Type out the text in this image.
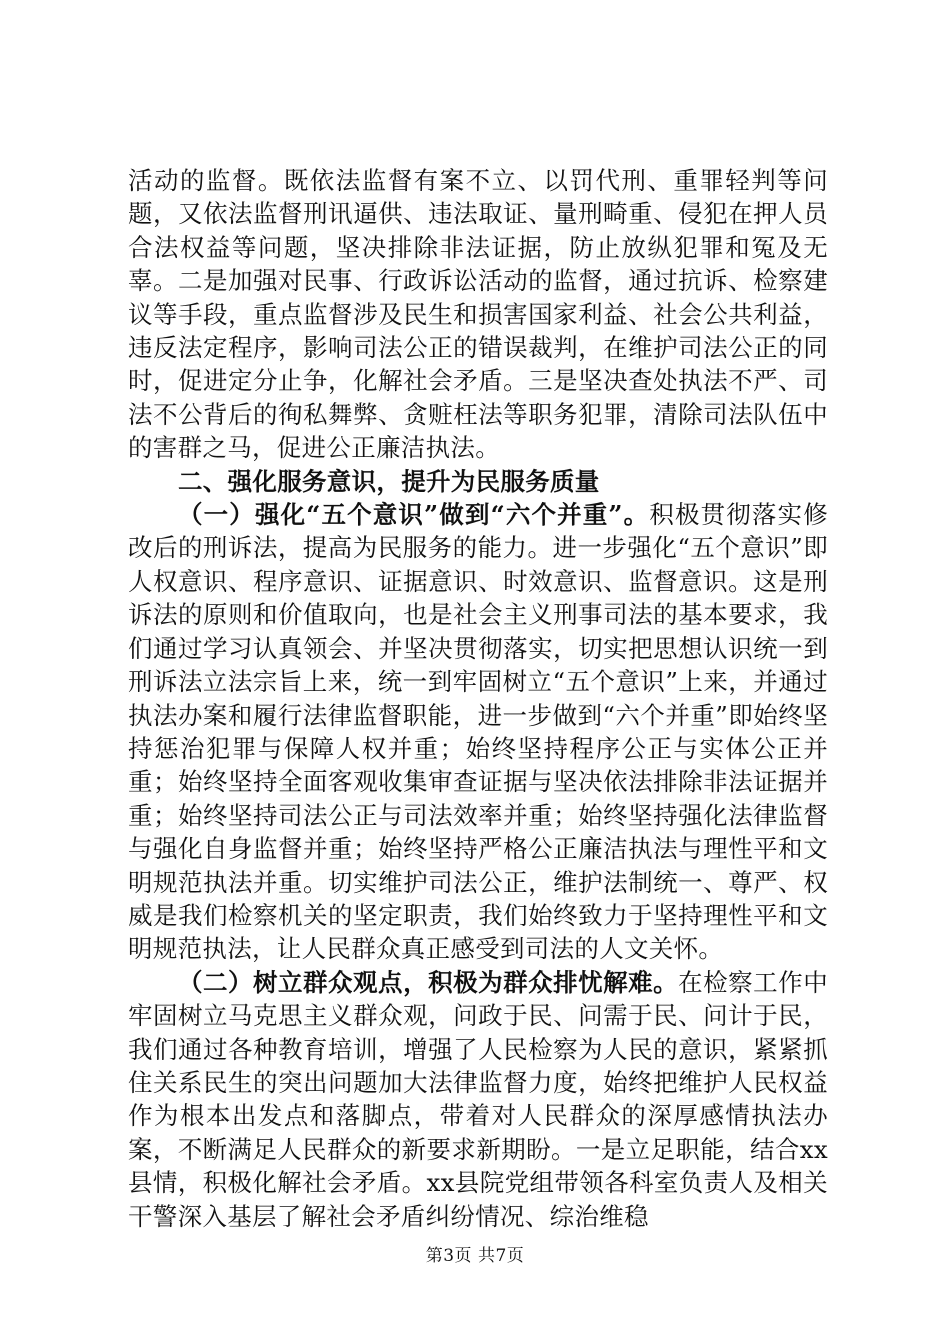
活动的监督。既依法监督有案不立、以罚代刑、重罪轻判等问题，又依法监督刑讯逼供、违法取证、量刑畸重、侵犯在押人员合法权益等问题，坚决排除非法证据，防止放纵犯罪和冤及无辜。二是加强对民事、行政诉讼活动的监督，通过抗诉、检察建议等手段，重点监督涉及民生和损害国家利益、社会公共利益，违反法定程序，影响司法公正的错误裁判，在维护司法公正的同时，促进定分止争，化解社会矛盾。三是坚决查处执法不严、司法不公背后的徇私舞弊、贪赃枉法等职务犯罪，清除司法队伍中的害群之马，促进公正廉洁执法。

二、强化服务意识，提升为民服务质量

（一）强化“五个意识”做到“六个并重”。积极贯彻落实修改后的刑诉法，提高为民服务的能力。进一步强化“五个意识”即人权意识、程序意识、证据意识、时效意识、监督意识。这是刑诉法的原则和价值取向，也是社会主义刑事司法的基本要求，我们通过学习认真领会、并坚决贯彻落实，切实把思想认识统一到刑诉法立法宗旨上来，统一到牢固树立“五个意识”上来，并通过执法办案和履行法律监督职能，进一步做到“六个并重”即始终坚持惩治犯罪与保障人权并重；始终坚持程序公正与实体公正并重；始终坚持全面客观收集审查证据与坚决依法排除非法证据并重；始终坚持司法公正与司法效率并重；始终坚持强化法律监督与强化自身监督并重；始终坚持严格公正廉洁执法与理性平和文明规范执法并重。切实维护司法公正，维护法制统一、尊严、权威是我们检察机关的坚定职责，我们始终致力于坚持理性平和文明规范执法，让人民群众真正感受到司法的人文关怀。

（二）树立群众观点，积极为群众排忧解难。在检察工作中牢固树立马克思主义群众观，问政于民、问需于民、问计于民，我们通过各种教育培训，增强了人民检察为人民的意识，紧紧抓住关系民生的突出问题加大法律监督力度，始终把维护人民权益作为根本出发点和落脚点，带着对人民群众的深厚感情执法办案，不断满足人民群众的新要求新期盼。一是立足职能，结合xx县情，积极化解社会矛盾。xx县院党组带领各科室负责人及相关干警深入基层了解社会矛盾纠纷情况、综治维稳

第3页 共7页
